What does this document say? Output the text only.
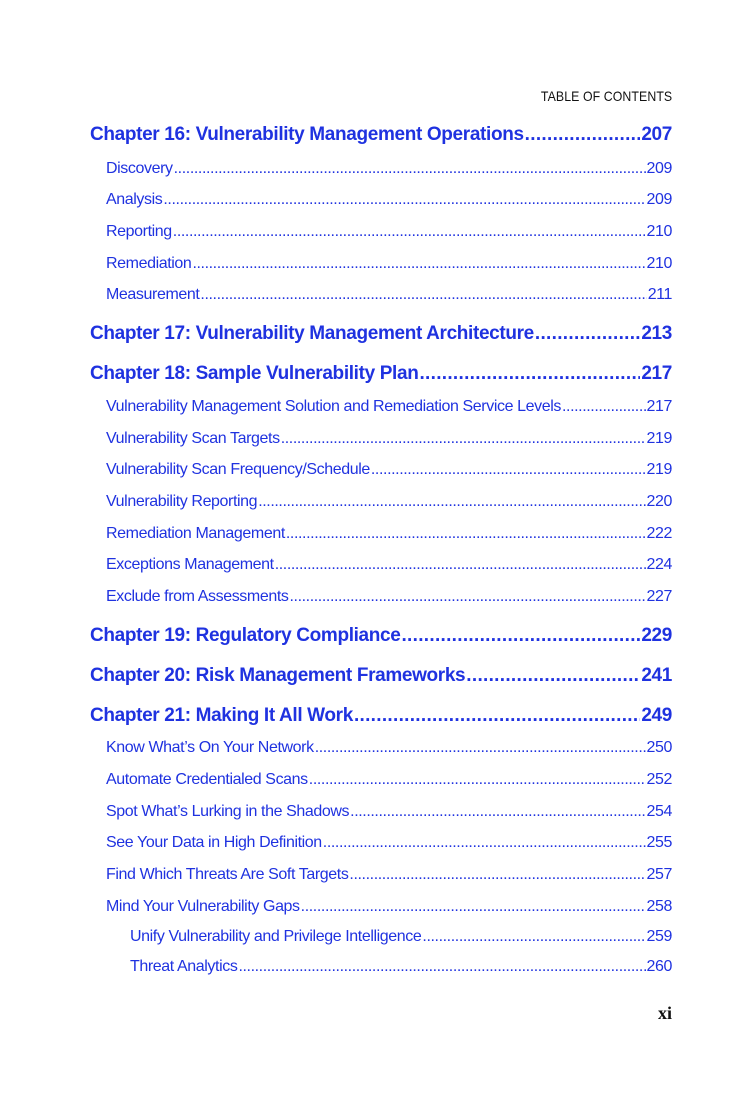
TABLE OF CONTENTS
Chapter 16: Vulnerability Management Operations .....	207
Discovery .....	209
Analysis .....	209
Reporting .....	210
Remediation .....	210
Measurement .....	211
Chapter 17: Vulnerability Management Architecture .....	213
Chapter 18: Sample Vulnerability Plan .....	217
Vulnerability Management Solution and Remediation Service Levels .....	217
Vulnerability Scan Targets .....	219
Vulnerability Scan Frequency/Schedule .....	219
Vulnerability Reporting .....	220
Remediation Management .....	222
Exceptions Management .....	224
Exclude from Assessments .....	227
Chapter 19: Regulatory Compliance .....	229
Chapter 20: Risk Management Frameworks .....	241
Chapter 21: Making It All Work .....	249
Know What’s On Your Network .....	250
Automate Credentialed Scans .....	252
Spot What’s Lurking in the Shadows .....	254
See Your Data in High Definition .....	255
Find Which Threats Are Soft Targets .....	257
Mind Your Vulnerability Gaps .....	258
Unify Vulnerability and Privilege Intelligence .....	259
Threat Analytics .....	260
xi
